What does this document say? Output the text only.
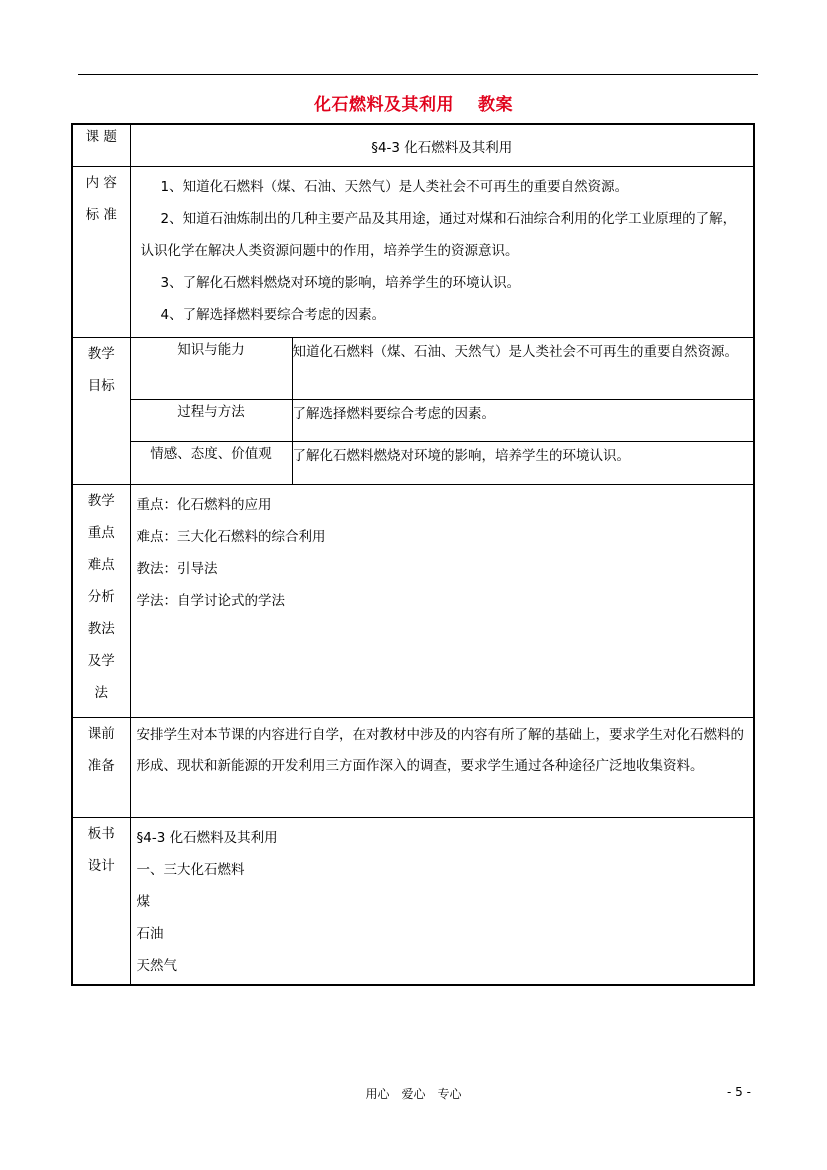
化石燃料及其利用　 教案
课 题	§4-3 化石燃料及其利用	
内 容 标 准	1、知道化石燃料（煤、石油、天然气）是人类社会不可再生的重要自然资源。

2、知道石油炼制出的几种主要产品及其用途，通过对煤和石油综合利用的化学工业原理的了解，认识化学在解决人类资源问题中的作用，培养学生的资源意识。

3、了解化石燃料燃烧对环境的影响，培养学生的环境认识。

4、了解选择燃料要综合考虑的因素。	

教学 目标	知识与能力	知道化石燃料（煤、石油、天然气）是人类社会不可再生的重要自然资源。
	过程与方法	了解选择燃料要综合考虑的因素。
	情感、态度、价值观	了解化石燃料燃烧对环境的影响，培养学生的环境认识。
教学 重点 难点 分析 教法 及学 法	重点：化石燃料的应用
难点：三大化石燃料的综合利用
教法：引导法
学法：自学讨论式的学法	

课前 准备	安排学生对本节课的内容进行自学，在对教材中涉及的内容有所了解的基础上，要求学生对化石燃料的形成、现状和新能源的开发利用三方面作深入的调查，要求学生通过各种途径广泛地收集资料。	
板书 设计	§4-3 化石燃料及其利用
一、三大化石燃料
煤
石油
天然气	
用心　爱心　专心	- 5 -
